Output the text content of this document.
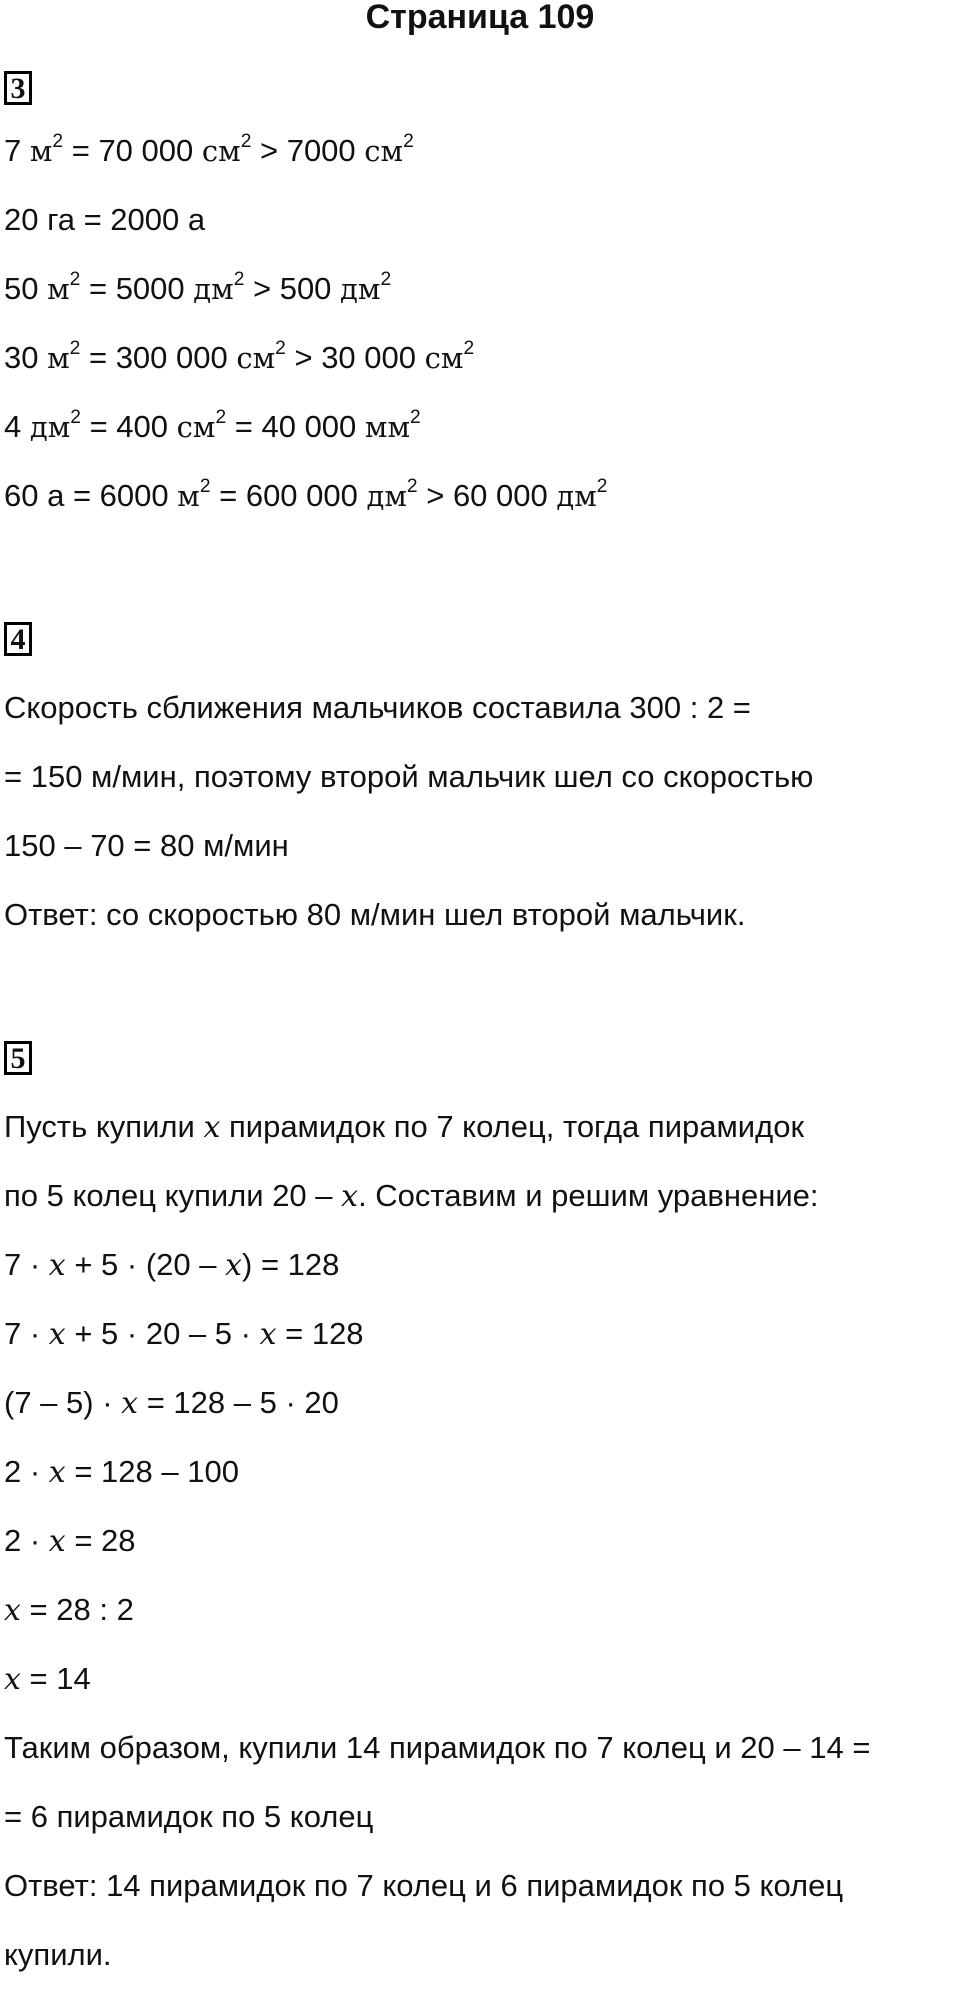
Страница 109
3
7 $м^2 = 70$ 000 $см^2 > 7000$ $см^2$
20 га = 2000 а
50 $м^2 = 5000$ $дм^2 > 500$ $дм^2$
30 $м^2 = 300$ 000 $см^2 > 30$ 000 $см^2$
4 $дм^2 = 400$ $см^2 = 40$ 000 $мм^2$
60 а = 6000 $м^2 = 600$ 000 $дм^2 > 60$ 000 $дм^2$
4
Скорость сближения мальчиков составила 300 : 2 =
= 150 м/мин, поэтому второй мальчик шел со скоростью
150 – 70 = 80 м/мин
Ответ: со скоростью 80 м/мин шел второй мальчик.
5
Пусть купили x пирамидок по 7 колец, тогда пирамидок
по 5 колец купили 20 – x. Составим и решим уравнение:
7 · x + 5 · (20 – x) = 128
7 · x + 5 · 20 – 5 · x = 128
(7 – 5) · x = 128 – 5 · 20
2 · x = 128 – 100
2 · x = 28
x = 28 : 2
x = 14
Таким образом, купили 14 пирамидок по 7 колец и 20 – 14 =
= 6 пирамидок по 5 колец
Ответ: 14 пирамидок по 7 колец и 6 пирамидок по 5 колец
купили.
